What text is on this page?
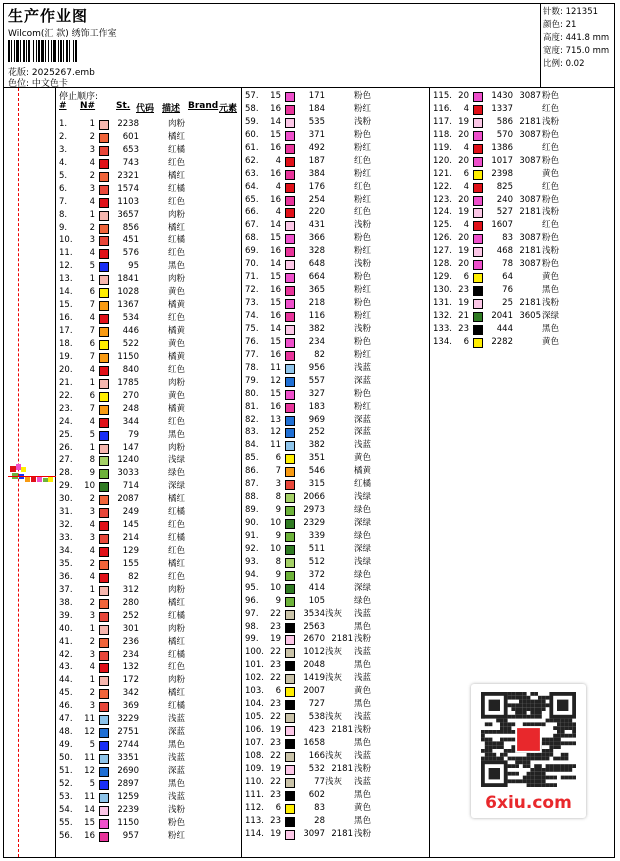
生产作业图
Wilcom(汇 款) 绣饰工作室
花版: 2025267.emb
色位: 中文色卡
针数: 121351
颜色: 21
高度: 441.8 mm
宽度: 715.0 mm
比例: 0.02
停止顺序:
# N# St. 代码 描述 Brand 元素
1.	1	2238	肉粉
2.	2	601	橘红
3.	3	653	红橘
4.	4	743	红色
5.	2	2321	橘红
6.	3	1574	红橘
7.	4	1103	红色
8.	1	3657	肉粉
9.	2	856	橘红
10.	3	451	红橘
11.	4	576	红色
12.	5	95	黑色
13.	1	1841	肉粉
14.	6	1028	黄色
15.	7	1367	橘黄
16.	4	534	红色
17.	7	446	橘黄
18.	6	522	黄色
19.	7	1150	橘黄
20.	4	840	红色
21.	1	1785	肉粉
22.	6	270	黄色
23.	7	248	橘黄
24.	4	344	红色
25.	5	79	黑色
26.	1	147	肉粉
27.	8	1240	浅绿
28.	9	3033	绿色
29.	10	714	深绿
30.	2	2087	橘红
31.	3	249	红橘
32.	4	145	红色
33.	3	214	红橘
34.	4	129	红色
35.	2	155	橘红
36.	4	82	红色
37.	1	312	肉粉
38.	2	280	橘红
39.	3	252	红橘
40.	1	301	肉粉
41.	2	236	橘红
42.	3	234	红橘
43.	4	132	红色
44.	1	172	肉粉
45.	2	342	橘红
46.	3	369	红橘
47.	11	3229	浅蓝
48.	12	2751	深蓝
49.	5	2744	黑色
50.	11	3351	浅蓝
51.	12	2690	深蓝
52.	5	2897	黑色
53.	11	1259	浅蓝
54.	14	2239	浅粉
55.	15	1150	粉色
56.	16	957	粉红
57.	15	171	粉色
58.	16	184	粉红
59.	14	535	浅粉
60.	15	371	粉色
61.	16	492	粉红
62.	4	187	红色
63.	16	384	粉红
64.	4	176	红色
65.	16	254	粉红
66.	4	220	红色
67.	14	431	浅粉
68.	15	366	粉色
69.	16	328	粉红
70.	14	648	浅粉
71.	15	664	粉色
72.	16	365	粉红
73.	15	218	粉色
74.	16	116	粉红
75.	14	382	浅粉
76.	15	234	粉色
77.	16	82	粉红
78.	11	956	浅蓝
79.	12	557	深蓝
80.	15	327	粉色
81.	16	183	粉红
82.	13	969	深蓝
83.	12	252	深蓝
84.	11	382	浅蓝
85.	6	351	黄色
86.	7	546	橘黄
87.	3	315	红橘
88.	8	2066	浅绿
89.	9	2973	绿色
90.	10	2329	深绿
91.	9	339	绿色
92.	10	511	深绿
93.	8	512	浅绿
94.	9	372	绿色
95.	10	414	深绿
96.	9	105	绿色
97.	22	3534 浅灰 浅蓝
98.	23	2563	黑色
99.	19	2670 2181 浅粉
100. 22	1012 浅灰 浅蓝
101. 23	2048	黑色
102. 22	1419 浅灰 浅蓝
103.	6	2007	黄色
104. 23	727	黑色
105. 22	538 浅灰 浅蓝
106. 19	423 2181 浅粉
107. 23	1658	黑色
108. 22	166 浅灰 浅蓝
109. 19	532 2181 浅粉
110. 22	77 浅灰 浅蓝
111. 23	602	黑色
112.	6	83	黄色
113. 23	28	黑色
114. 19	3097 2181 浅粉
115. 20	1430 3087 粉色
116.	4	1337	红色
117. 19	586 2181 浅粉
118. 20	570 3087 粉色
119.	4	1386	红色
120. 20	1017 3087 粉色
121.	6	2398	黄色
122.	4	825	红色
123. 20	240 3087 粉色
124. 19	527 2181 浅粉
125.	4	1607	红色
126. 20	83 3087 粉色
127. 19	468 2181 浅粉
128. 20	78 3087 粉色
129.	6	64	黄色
130. 23	76	黑色
131. 19	25 2181 浅粉
132. 21	2041 3605 深绿
133. 23	444	黑色
134.	6	2282	黄色
6xiu.com
